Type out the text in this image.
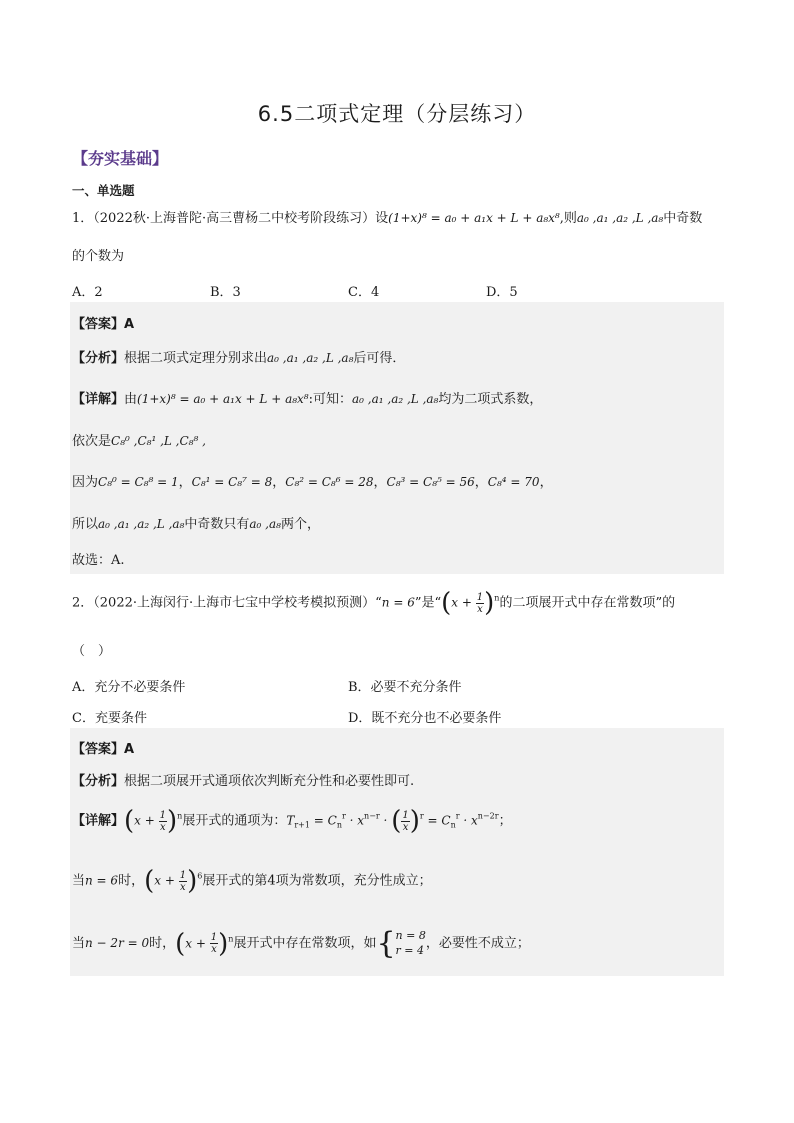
6.5二项式定理（分层练习）
【夯实基础】
一、单选题
1．（2022秋·上海普陀·高三曹杨二中校考阶段练习）设(1+x)⁸ = a₀ + a₁x + L + a₈x⁸,则a₀ ,a₁ ,a₂ ,L ,a₈中奇数
的个数为
A．2	B．3	C．4	D．5
【答案】A
【分析】根据二项式定理分别求出a₀ ,a₁ ,a₂ ,L ,a₈后可得．
【详解】由(1+x)⁸ = a₀ + a₁x + L + a₈x⁸:可知：a₀ ,a₁ ,a₂ ,L ,a₈均为二项式系数，
依次是C₈⁰ ,C₈¹ ,L ,C₈⁸ ,
因为C₈⁰ = C₈⁸ = 1，C₈¹ = C₈⁷ = 8，C₈² = C₈⁶ = 28，C₈³ = C₈⁵ = 56，C₈⁴ = 70，
所以a₀ ,a₁ ,a₂ ,L ,a₈中奇数只有a₀ ,a₈两个，
故选：A.
2．（2022·上海闵行·上海市七宝中学校考模拟预测）“n = 6”是“$(x + \frac{1}{x} )^n$的二项展开式中存在常数项”的
（　）
A．充分不必要条件	B．必要不充分条件
C．充要条件	D．既不充分也不必要条件
【答案】A
【分析】根据二项展开式通项依次判断充分性和必要性即可.
【详解】$(x + \frac{1}{x} )^n$展开式的通项为：$T_{r+1} = C_n^r \cdot x^{n-r}$ · ( $\frac{1}{x} )^r = C_n^r \cdot x^{n-2r}$；
当n = 6时，$(x + \frac{1}{x} )^6$展开式的第4项为常数项，充分性成立；
当n − 2r = 0时，$(x + \frac{1}{x} )^n$展开式中存在常数项，如{ n = 8
r = 4 ，必要性不成立；
